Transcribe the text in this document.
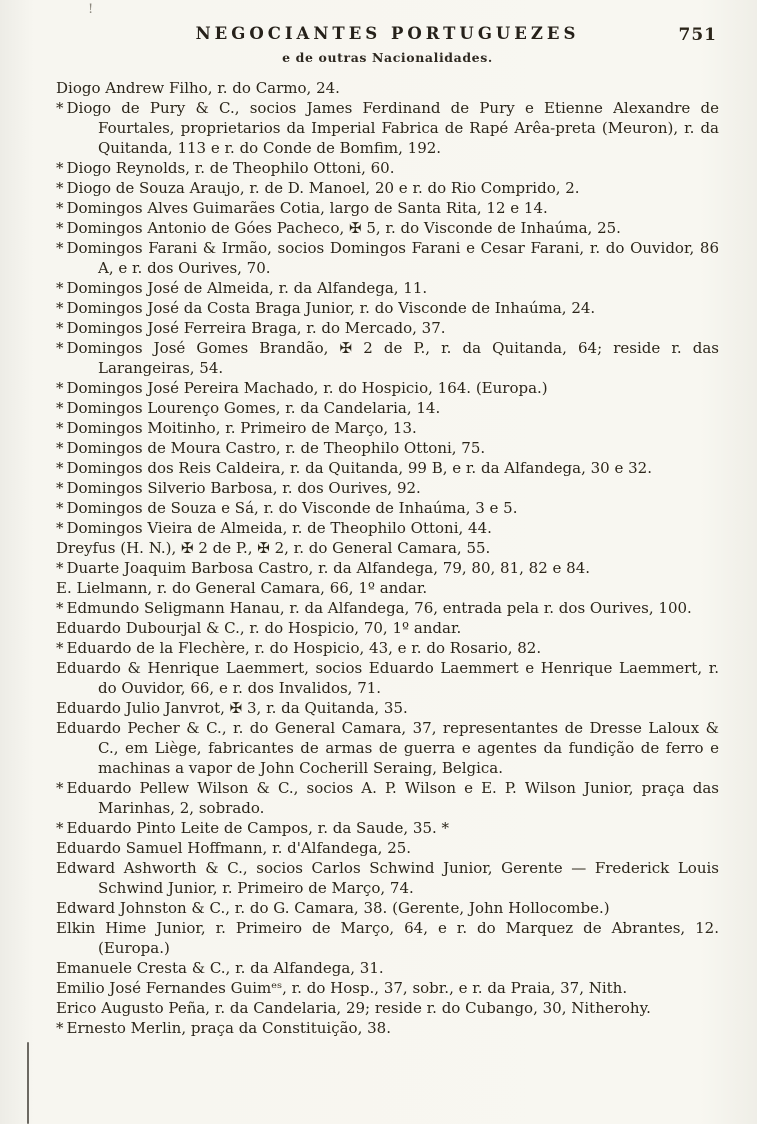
!
NEGOCIANTES PORTUGUEZES	751
e de outras Nacionalidades.
Diogo Andrew Filho, r. do Carmo, 24.
* Diogo de Pury & C., socios James Ferdinand de Pury e Etienne Alexandre de Fourtales, proprietarios da Imperial Fabrica de Rapé Arêa-preta (Meuron), r. da Quitanda, 113 e r. do Conde de Bomfim, 192.
* Diogo Reynolds, r. de Theophilo Ottoni, 60.
* Diogo de Souza Araujo, r. de D. Manoel, 20 e r. do Rio Comprido, 2.
* Domingos Alves Guimarães Cotia, largo de Santa Rita, 12 e 14.
* Domingos Antonio de Góes Pacheco, ✠ 5, r. do Visconde de Inhaúma, 25.
* Domingos Farani & Irmão, socios Domingos Farani e Cesar Farani, r. do Ouvidor, 86 A, e r. dos Ourives, 70.
* Domingos José de Almeida, r. da Alfandega, 11.
* Domingos José da Costa Braga Junior, r. do Visconde de Inhaúma, 24.
* Domingos José Ferreira Braga, r. do Mercado, 37.
* Domingos José Gomes Brandão, ✠ 2 de P., r. da Quitanda, 64; reside r. das Larangeiras, 54.
* Domingos José Pereira Machado, r. do Hospicio, 164. (Europa.)
* Domingos Lourenço Gomes, r. da Candelaria, 14.
* Domingos Moitinho, r. Primeiro de Março, 13.
* Domingos de Moura Castro, r. de Theophilo Ottoni, 75.
* Domingos dos Reis Caldeira, r. da Quitanda, 99 B, e r. da Alfandega, 30 e 32.
* Domingos Silverio Barbosa, r. dos Ourives, 92.
* Domingos de Souza e Sá, r. do Visconde de Inhaúma, 3 e 5.
* Domingos Vieira de Almeida, r. de Theophilo Ottoni, 44.
Dreyfus (H. N.), ✠ 2 de P., ✠ 2, r. do General Camara, 55.
* Duarte Joaquim Barbosa Castro, r. da Alfandega, 79, 80, 81, 82 e 84.
E. Lielmann, r. do General Camara, 66, 1º andar.
* Edmundo Seligmann Hanau, r. da Alfandega, 76, entrada pela r. dos Ourives, 100.
Eduardo Dubourjal & C., r. do Hospicio, 70, 1º andar.
* Eduardo de la Flechère, r. do Hospicio, 43, e r. do Rosario, 82.
Eduardo & Henrique Laemmert, socios Eduardo Laemmert e Henrique Laemmert, r. do Ouvidor, 66, e r. dos Invalidos, 71.
Eduardo Julio Janvrot, ✠ 3, r. da Quitanda, 35.
Eduardo Pecher & C., r. do General Camara, 37, representantes de Dresse Laloux & C., em Liège, fabricantes de armas de guerra e agentes da fundição de ferro e machinas a vapor de John Cocherill Seraing, Belgica.
* Eduardo Pellew Wilson & C., socios A. P. Wilson e E. P. Wilson Junior, praça das Marinhas, 2, sobrado.
* Eduardo Pinto Leite de Campos, r. da Saude, 35. *
Eduardo Samuel Hoffmann, r. d'Alfandega, 25.
Edward Ashworth & C., socios Carlos Schwind Junior, Gerente — Frederick Louis Schwind Junior, r. Primeiro de Março, 74.
Edward Johnston & C., r. do G. Camara, 38. (Gerente, John Hollocombe.)
Elkin Hime Junior, r. Primeiro de Março, 64, e r. do Marquez de Abrantes, 12. (Europa.)
Emanuele Cresta & C., r. da Alfandega, 31.
Emilio José Fernandes Guimᵉˢ, r. do Hosp., 37, sobr., e r. da Praia, 37, Nith.
Erico Augusto Peña, r. da Candelaria, 29; reside r. do Cubango, 30, Nitherohy.
* Ernesto Merlin, praça da Constituição, 38.
